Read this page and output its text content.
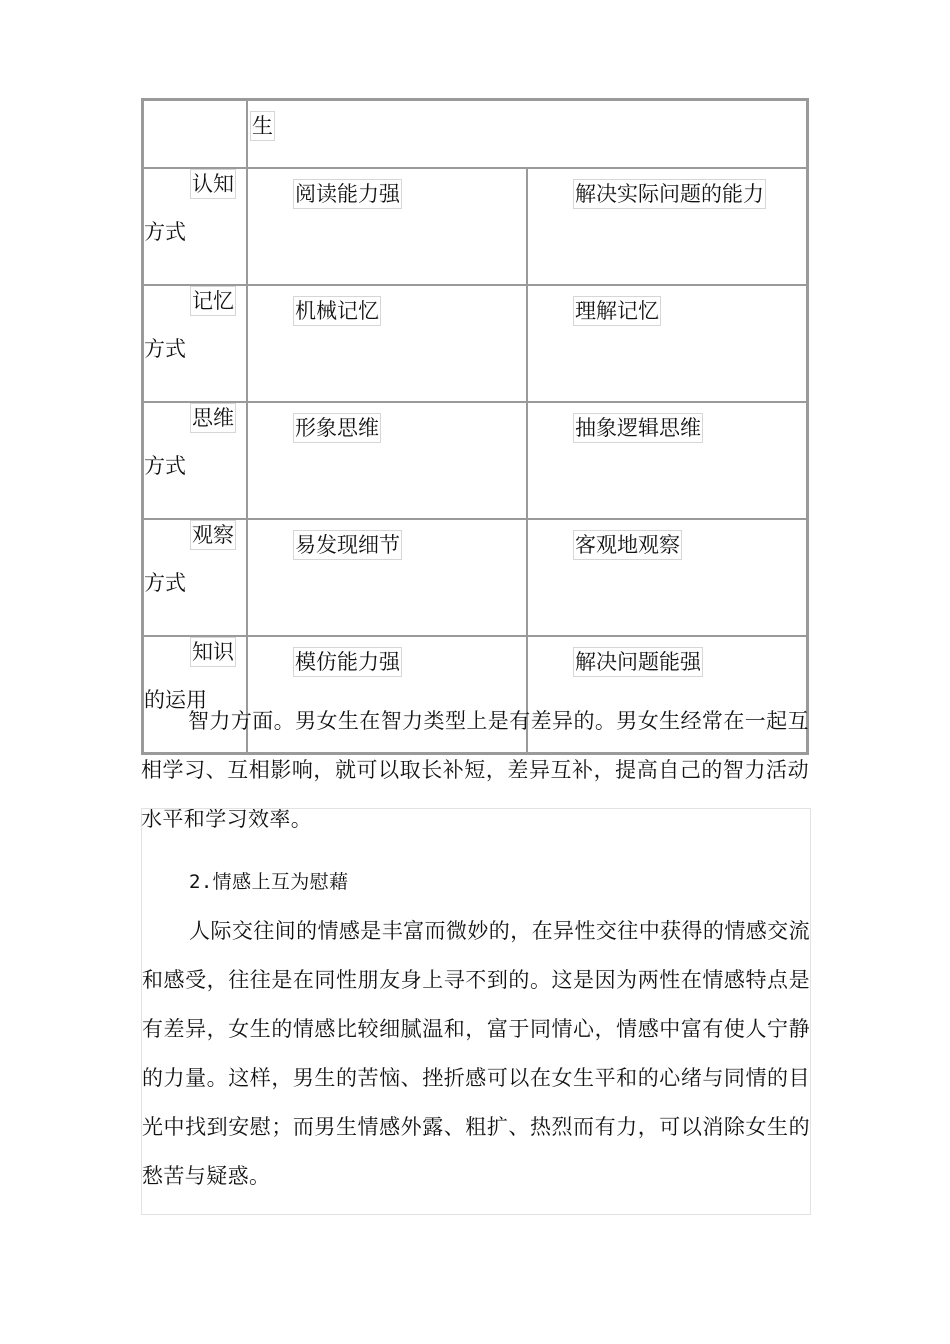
	生	

认知
方式	阅读能力强	解决实际问题的能力

记忆
方式	机械记忆	理解记忆

思维
方式	形象思维	抽象逻辑思维

观察
方式	易发现细节	客观地观察

知识
的运用	模仿能力强	解决问题能强

智力方面。男女生在智力类型上是有差异的。男女生经常在一起互相学习、互相影响，就可以取长补短，差异互补，提高自己的智力活动水平和学习效率。

2.情感上互为慰藉

人际交往间的情感是丰富而微妙的，在异性交往中获得的情感交流和感受，往往是在同性朋友身上寻不到的。这是因为两性在情感特点是有差异，女生的情感比较细腻温和，富于同情心，情感中富有使人宁静的力量。这样，男生的苦恼、挫折感可以在女生平和的心绪与同情的目光中找到安慰；而男生情感外露、粗扩、热烈而有力，可以消除女生的愁苦与疑惑。
